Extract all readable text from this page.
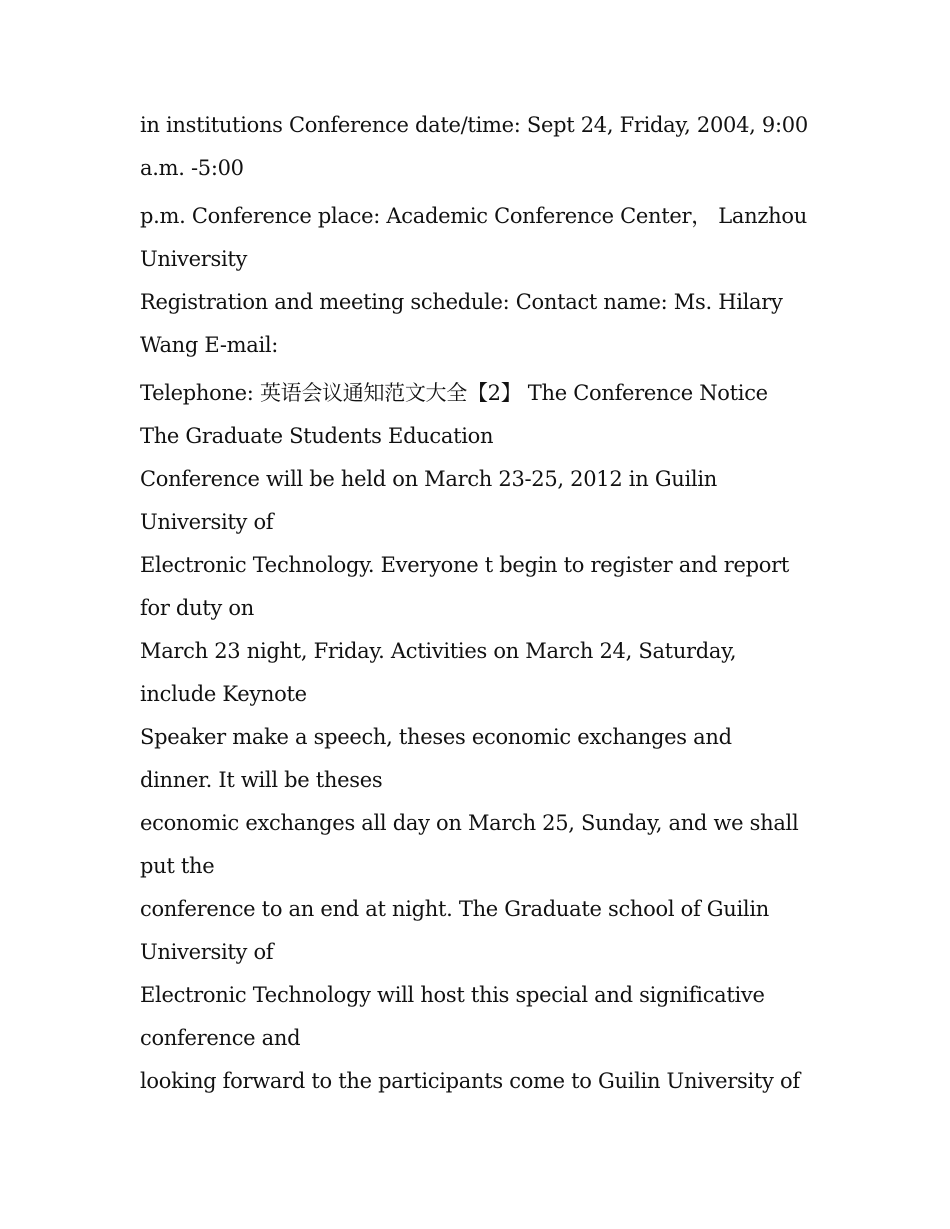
in institutions Conference date/time: Sept 24, Friday, 2004, 9:00 a.m. -5:00

p.m. Conference place: Academic Conference Center， Lanzhou University

Registration and meeting schedule: Contact name: Ms. Hilary Wang E-mail:

Telephone: 英语会议通知范文大全【2】 The Conference Notice The Graduate Students Education

Conference will be held on March 23-25, 2012 in Guilin University of

Electronic Technology. Everyone t begin to register and report for duty on

March 23 night, Friday. Activities on March 24, Saturday, include Keynote

Speaker make a speech, theses economic exchanges and dinner. It will be theses

economic exchanges all day on March 25, Sunday, and we shall put the

conference to an end at night. The Graduate school of Guilin University of

Electronic Technology will host this special and significative conference and

looking forward to the participants come to Guilin University of
